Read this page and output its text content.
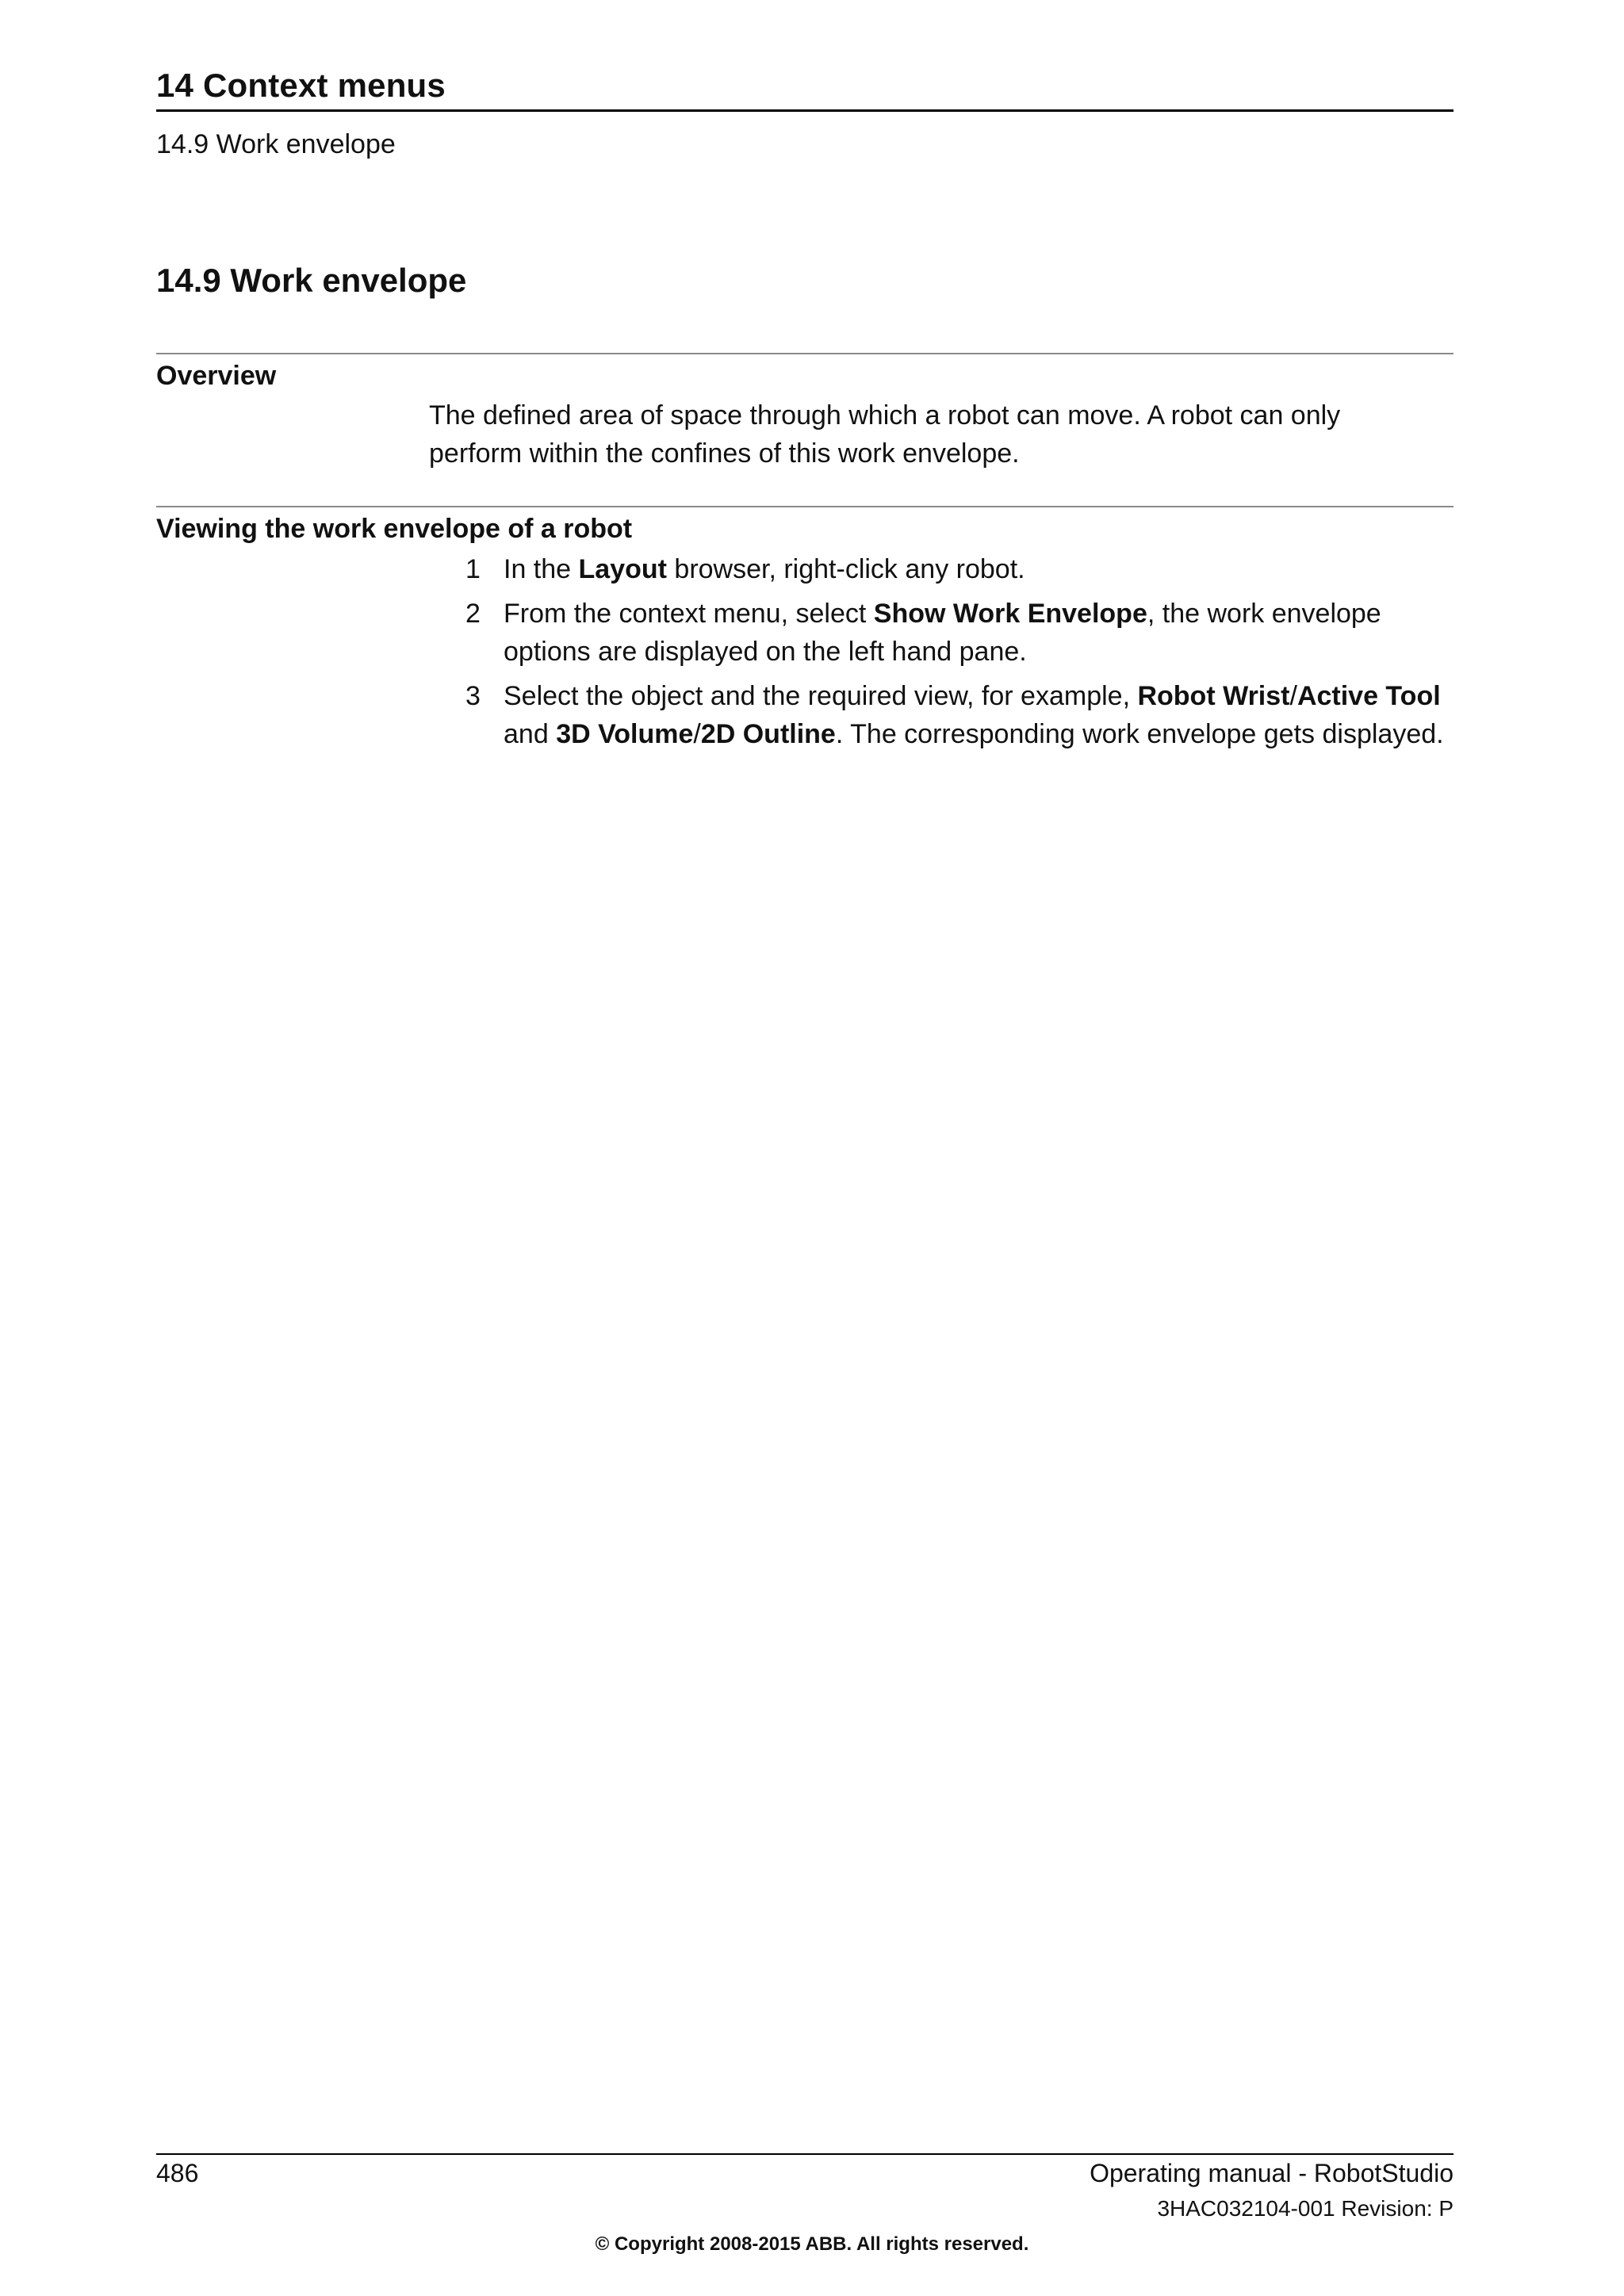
14 Context menus
14.9 Work envelope
14.9 Work envelope
Overview
The defined area of space through which a robot can move. A robot can only
perform within the confines of this work envelope.
Viewing the work envelope of a robot
1 In the Layout browser, right-click any robot.
2 From the context menu, select Show Work Envelope, the work envelope options are displayed on the left hand pane.
3 Select the object and the required view, for example, Robot Wrist/Active Tool and 3D Volume/2D Outline. The corresponding work envelope gets displayed.
486	Operating manual - RobotStudio
3HAC032104-001 Revision: P
© Copyright 2008-2015 ABB. All rights reserved.
